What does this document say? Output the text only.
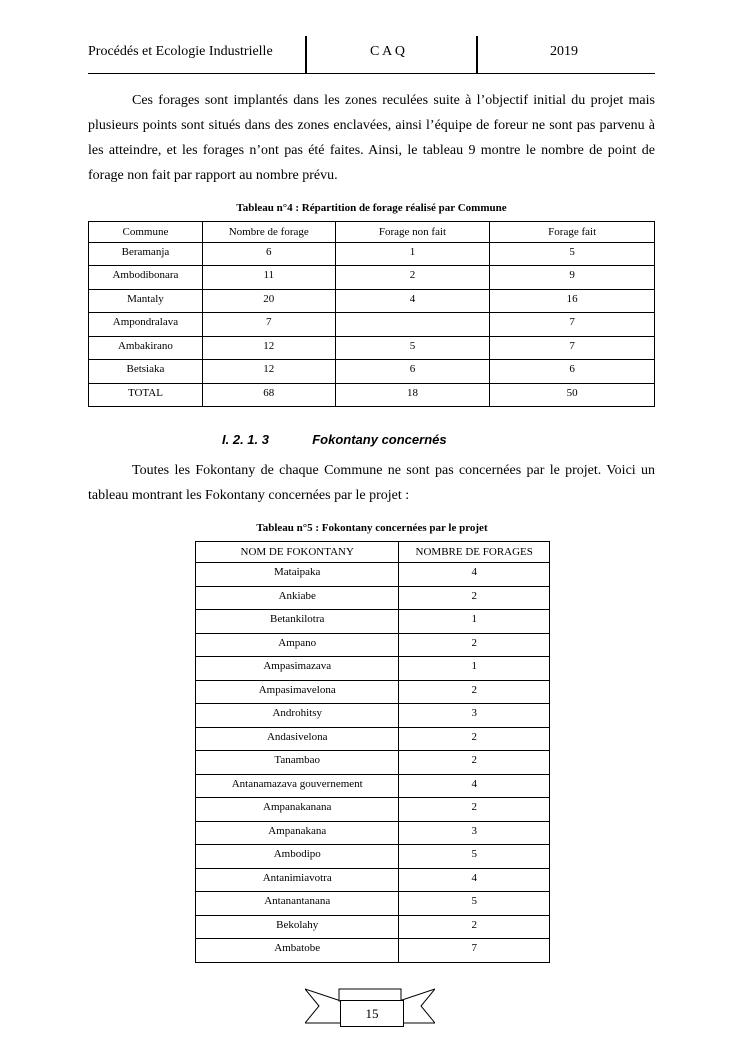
Procédés et Ecologie Industrielle	C A Q	2019
Ces forages sont implantés dans les zones reculées suite à l’objectif initial du projet mais plusieurs points sont situés dans des zones enclavées, ainsi l’équipe de foreur ne sont pas parvenu à les atteindre, et les forages n’ont pas été faites. Ainsi, le tableau 9 montre le nombre de point de forage non fait par rapport au nombre prévu.
Tableau n°4 : Répartition de forage réalisé par Commune
Commune	Nombre de forage	Forage non fait	Forage fait
Beramanja	6	1	5
Ambodibonara	11	2	9
Mantaly	20	4	16
Ampondralava	7		7
Ambakirano	12	5	7
Betsiaka	12	6	6
TOTAL	68	18	50
I. 2. 1. 3	Fokontany concernés
Toutes les Fokontany de chaque Commune ne sont pas concernées par le projet. Voici un tableau montrant les Fokontany concernées par le projet :
Tableau n°5 : Fokontany concernées par le projet
NOM DE FOKONTANY	NOMBRE DE FORAGES
Mataipaka	4
Ankiabe	2
Betankilotra	1
Ampano	2
Ampasimazava	1
Ampasimavelona	2
Androhitsy	3
Andasivelona	2
Tanambao	2
Antanamazava gouvernement	4
Ampanakanana	2
Ampanakana	3
Ambodipo	5
Antanimiavotra	4
Antanantanana	5
Bekolahy	2
Ambatobe	7
15
